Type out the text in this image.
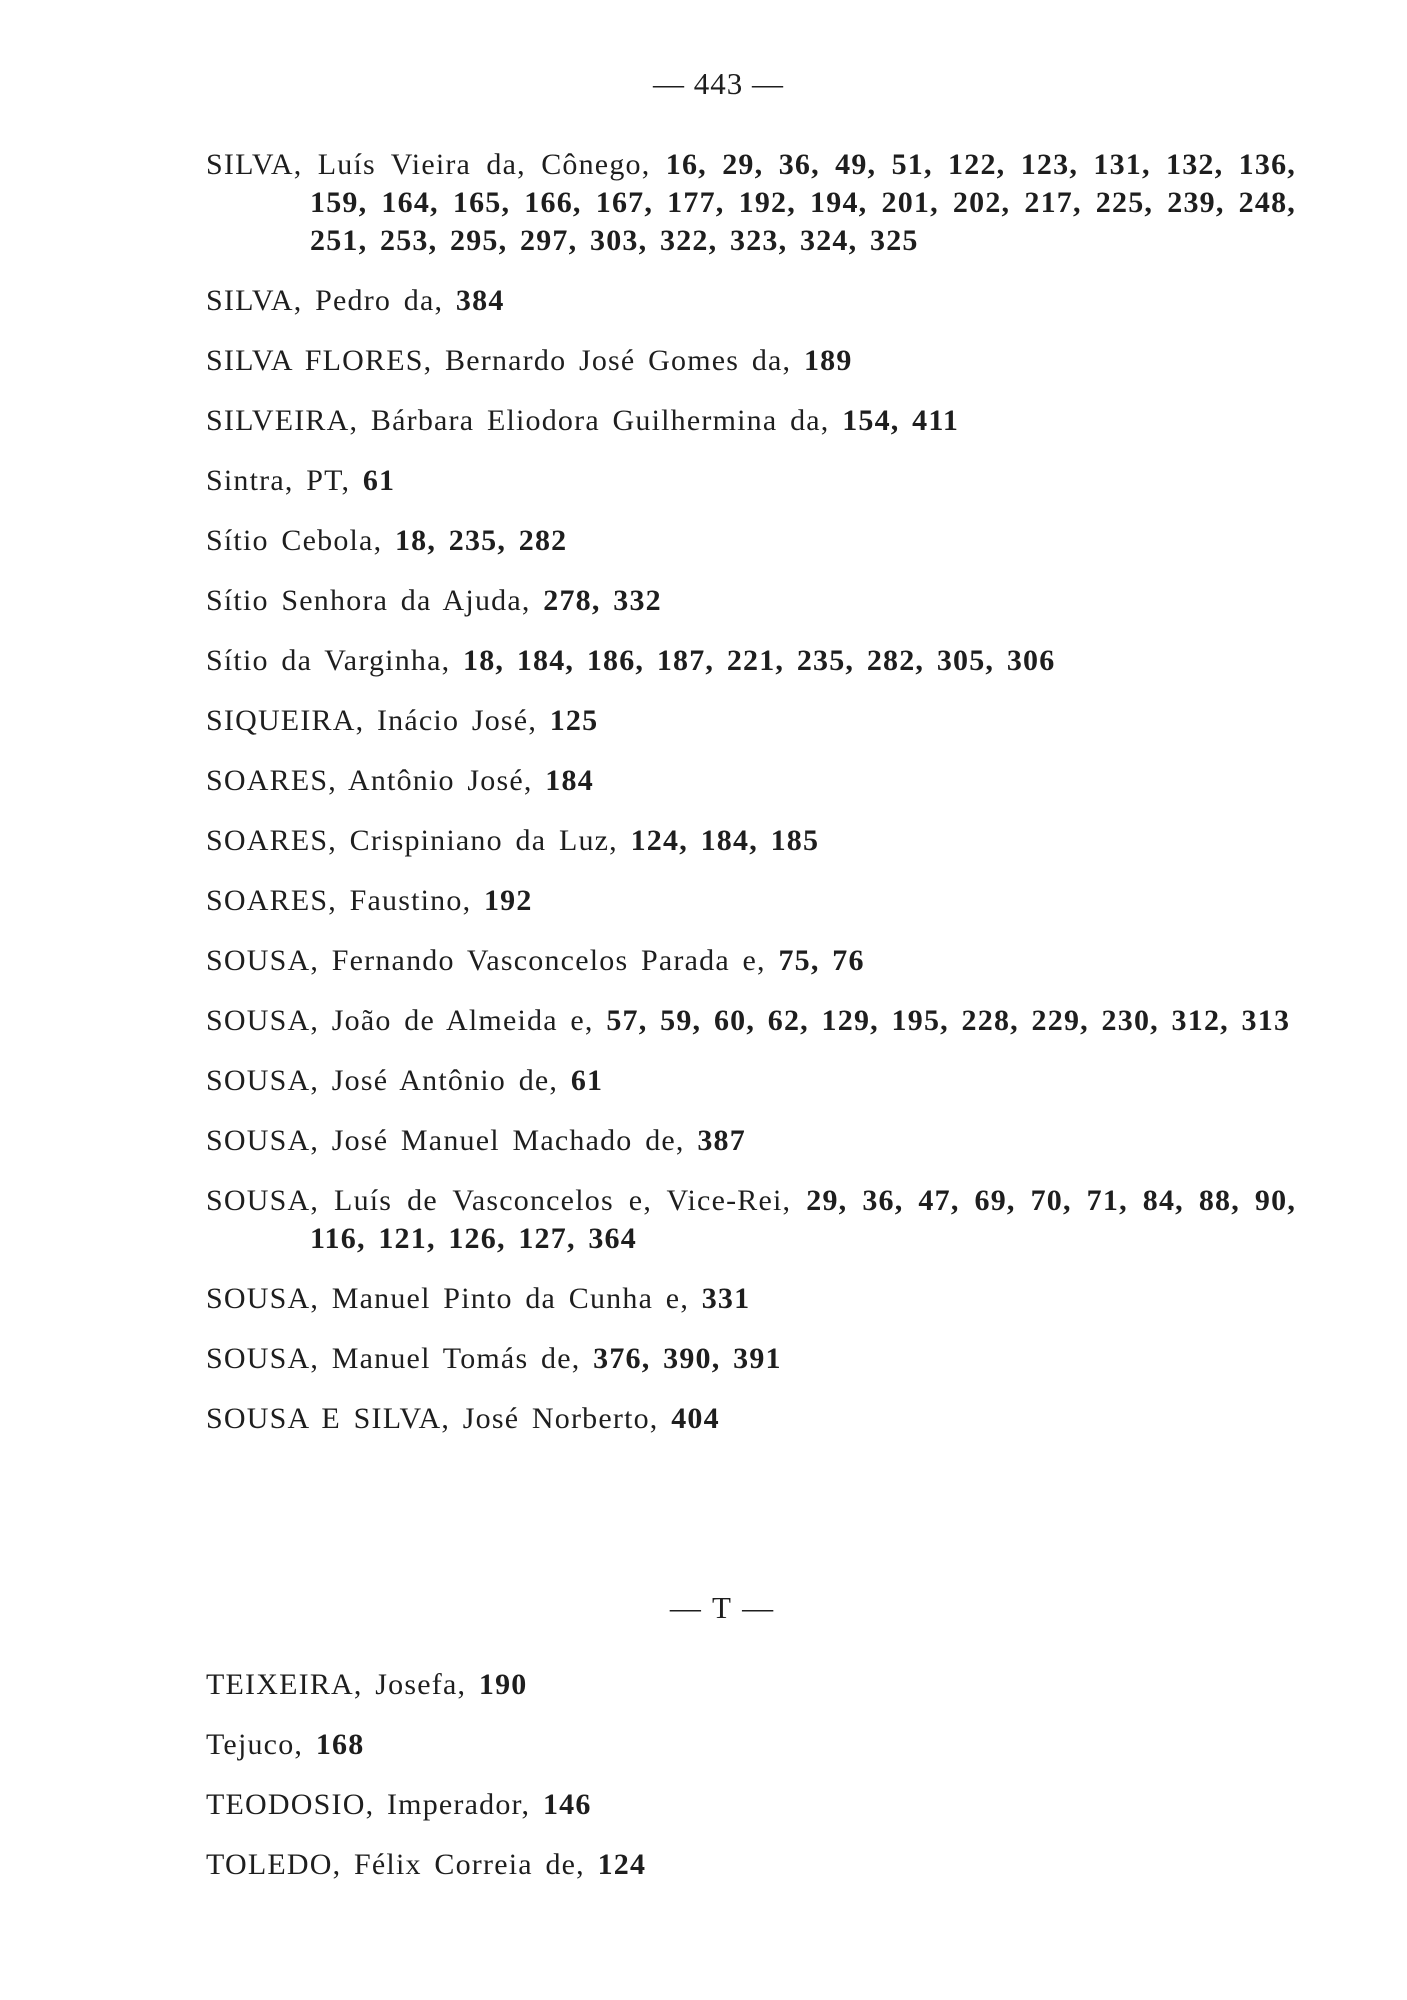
— 443 —
SILVA, Luís Vieira da, Cônego, 16, 29, 36, 49, 51, 122, 123, 131, 132, 136, 159, 164, 165, 166, 167, 177, 192, 194, 201, 202, 217, 225, 239, 248, 251, 253, 295, 297, 303, 322, 323, 324, 325
SILVA, Pedro da, 384
SILVA FLORES, Bernardo José Gomes da, 189
SILVEIRA, Bárbara Eliodora Guilhermina da, 154, 411
Sintra, PT, 61
Sítio Cebola, 18, 235, 282
Sítio Senhora da Ajuda, 278, 332
Sítio da Varginha, 18, 184, 186, 187, 221, 235, 282, 305, 306
SIQUEIRA, Inácio José, 125
SOARES, Antônio José, 184
SOARES, Crispiniano da Luz, 124, 184, 185
SOARES, Faustino, 192
SOUSA, Fernando Vasconcelos Parada e, 75, 76
SOUSA, João de Almeida e, 57, 59, 60, 62, 129, 195, 228, 229, 230, 312, 313
SOUSA, José Antônio de, 61
SOUSA, José Manuel Machado de, 387
SOUSA, Luís de Vasconcelos e, Vice-Rei, 29, 36, 47, 69, 70, 71, 84, 88, 90, 116, 121, 126, 127, 364
SOUSA, Manuel Pinto da Cunha e, 331
SOUSA, Manuel Tomás de, 376, 390, 391
SOUSA E SILVA, José Norberto, 404
— T —
TEIXEIRA, Josefa, 190
Tejuco, 168
TEODOSIO, Imperador, 146
TOLEDO, Félix Correia de, 124
